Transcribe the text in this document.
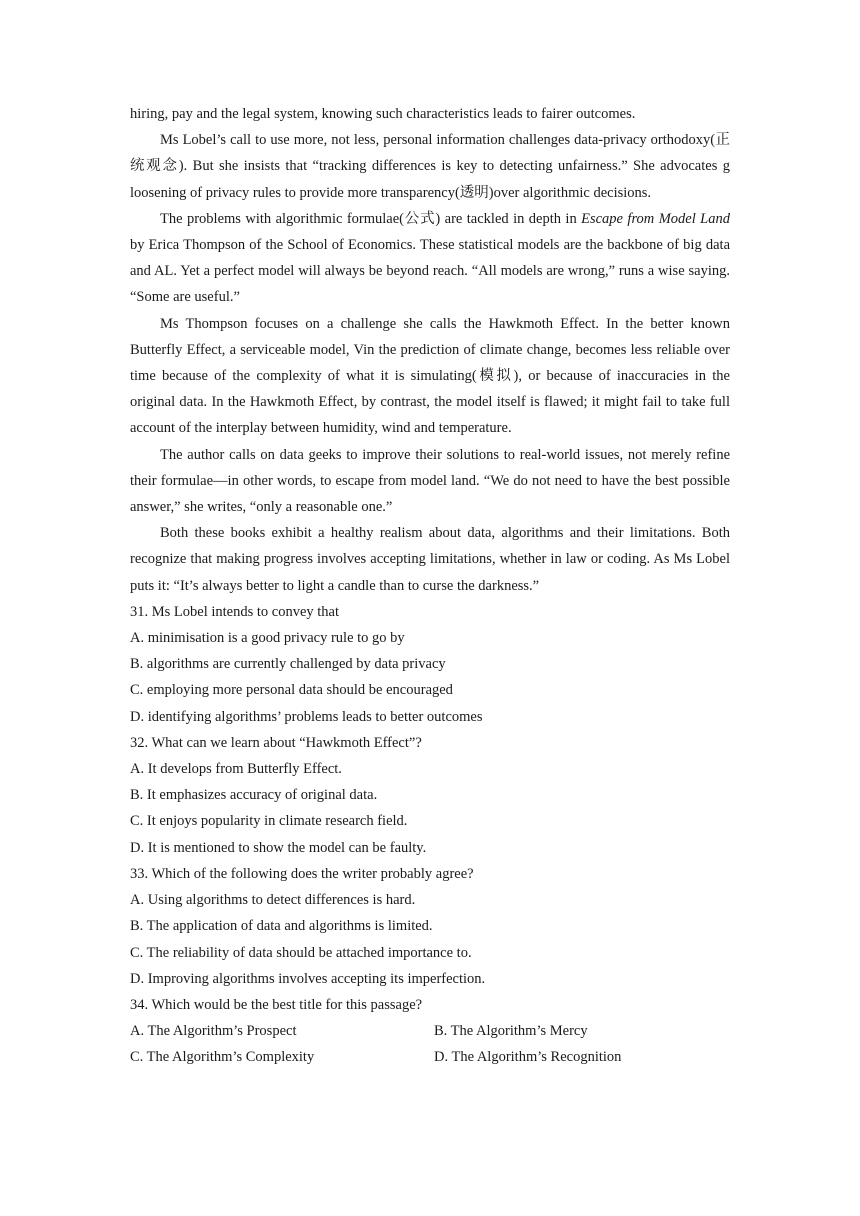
hiring, pay and the legal system, knowing such characteristics leads to fairer outcomes.

Ms Lobel’s call to use more, not less, personal information challenges data-privacy orthodoxy(正统观念). But she insists that “tracking differences is key to detecting unfairness.” She advocates g loosening of privacy rules to provide more transparency(透明)over algorithmic decisions.

The problems with algorithmic formulae(公式) are tackled in depth in Escape from Model Land by Erica Thompson of the School of Economics. These statistical models are the backbone of big data and AL. Yet a perfect model will always be beyond reach. “All models are wrong,” runs a wise saying. “Some are useful.”

Ms Thompson focuses on a challenge she calls the Hawkmoth Effect. In the better known Butterfly Effect, a serviceable model, Vin the prediction of climate change, becomes less reliable over time because of the complexity of what it is simulating(模拟), or because of inaccuracies in the original data. In the Hawkmoth Effect, by contrast, the model itself is flawed; it might fail to take full account of the interplay between humidity, wind and temperature.

The author calls on data geeks to improve their solutions to real-world issues, not merely refine their formulae—in other words, to escape from model land. “We do not need to have the best possible answer,” she writes, “only a reasonable one.”

Both these books exhibit a healthy realism about data, algorithms and their limitations. Both recognize that making progress involves accepting limitations, whether in law or coding. As Ms Lobel puts it: “It’s always better to light a candle than to curse the darkness.”

31. Ms Lobel intends to convey that

A. minimisation is a good privacy rule to go by

B. algorithms are currently challenged by data privacy

C. employing more personal data should be encouraged

D. identifying algorithms’ problems leads to better outcomes

32. What can we learn about “Hawkmoth Effect”?

A. It develops from Butterfly Effect.

B. It emphasizes accuracy of original data.

C. It enjoys popularity in climate research field.

D. It is mentioned to show the model can be faulty.

33. Which of the following does the writer probably agree?

A. Using algorithms to detect differences is hard.

B. The application of data and algorithms is limited.

C. The reliability of data should be attached importance to.

D. Improving algorithms involves accepting its imperfection.

34. Which would be the best title for this passage?

A. The Algorithm’s Prospect	B. The Algorithm’s Mercy
C. The Algorithm’s Complexity	D. The Algorithm’s Recognition
